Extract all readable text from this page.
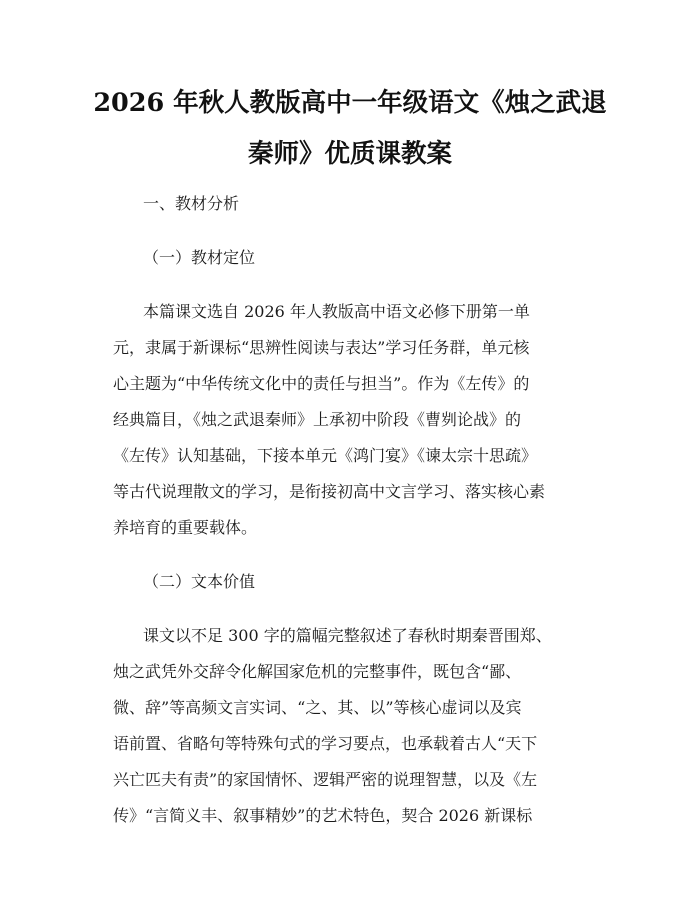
2026 年秋人教版高中一年级语文《烛之武退
秦师》优质课教案
一、教材分析
（一）教材定位

本篇课文选自 2026 年人教版高中语文必修下册第一单
元，隶属于新课标“思辨性阅读与表达”学习任务群，单元核
心主题为“中华传统文化中的责任与担当”。作为《左传》的
经典篇目，《烛之武退秦师》上承初中阶段《曹刿论战》的
《左传》认知基础，下接本单元《鸿门宴》《谏太宗十思疏》
等古代说理散文的学习，是衔接初高中文言学习、落实核心素
养培育的重要载体。

（二）文本价值

课文以不足 300 字的篇幅完整叙述了春秋时期秦晋围郑、
烛之武凭外交辞令化解国家危机的完整事件，既包含“鄙、
微、辞”等高频文言实词、“之、其、以”等核心虚词以及宾
语前置、省略句等特殊句式的学习要点，也承载着古人“天下
兴亡匹夫有责”的家国情怀、逻辑严密的说理智慧，以及《左
传》“言简义丰、叙事精妙”的艺术特色，契合 2026 新课标
